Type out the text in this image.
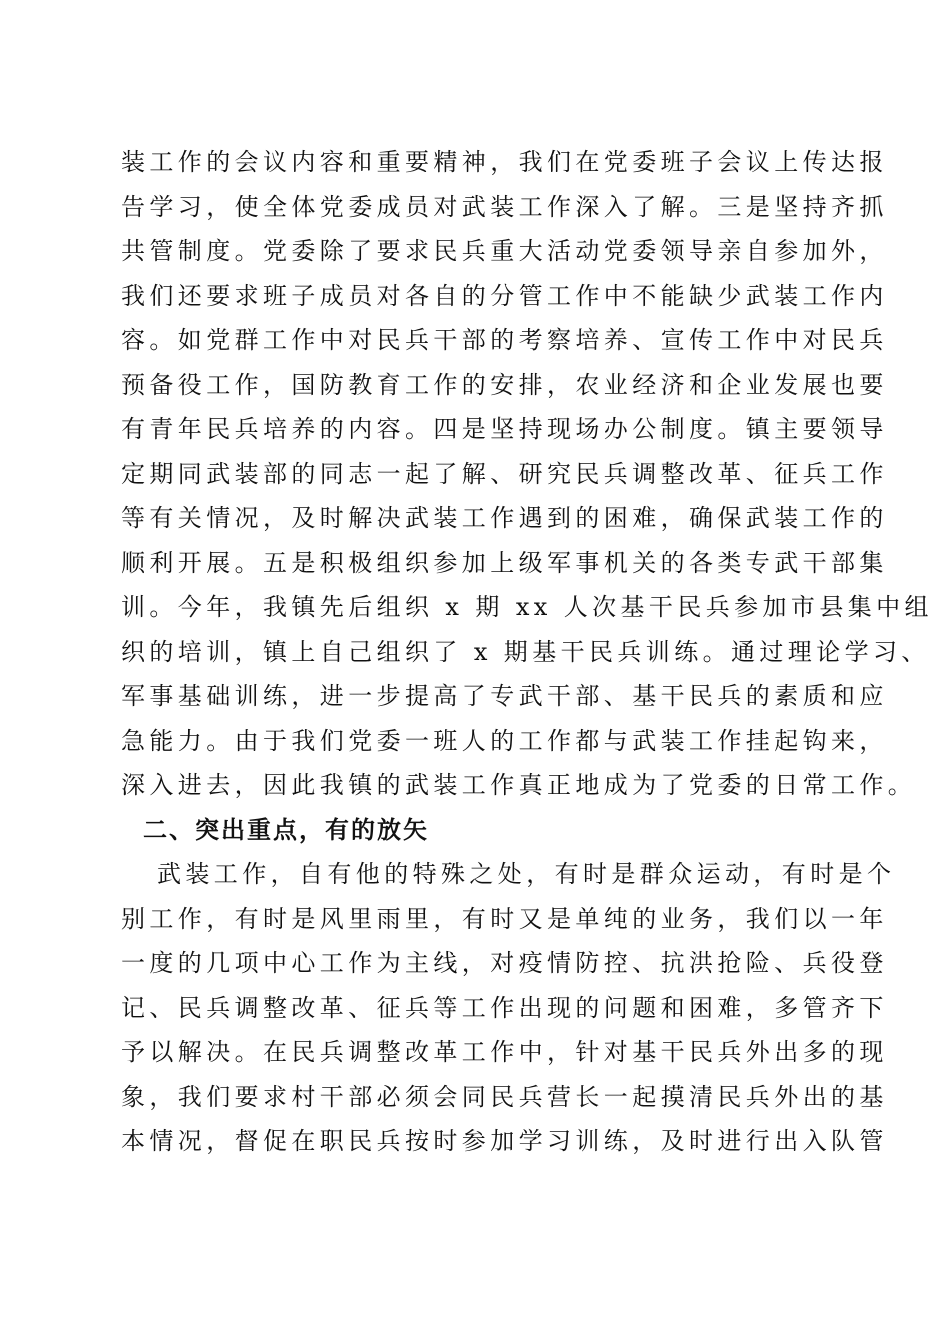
装工作的会议内容和重要精神，我们在党委班子会议上传达报
告学习，使全体党委成员对武装工作深入了解。三是坚持齐抓
共管制度。党委除了要求民兵重大活动党委领导亲自参加外，
我们还要求班子成员对各自的分管工作中不能缺少武装工作内
容。如党群工作中对民兵干部的考察培养、宣传工作中对民兵
预备役工作，国防教育工作的安排，农业经济和企业发展也要
有青年民兵培养的内容。四是坚持现场办公制度。镇主要领导
定期同武装部的同志一起了解、研究民兵调整改革、征兵工作
等有关情况，及时解决武装工作遇到的困难，确保武装工作的
顺利开展。五是积极组织参加上级军事机关的各类专武干部集
训。今年，我镇先后组织 x 期 xx 人次基干民兵参加市县集中组
织的培训，镇上自己组织了 x 期基干民兵训练。通过理论学习、
军事基础训练，进一步提高了专武干部、基干民兵的素质和应
急能力。由于我们党委一班人的工作都与武装工作挂起钩来，
深入进去，因此我镇的武装工作真正地成为了党委的日常工作。
二、突出重点，有的放矢
武装工作，自有他的特殊之处，有时是群众运动，有时是个
别工作，有时是风里雨里，有时又是单纯的业务，我们以一年
一度的几项中心工作为主线，对疫情防控、抗洪抢险、兵役登
记、民兵调整改革、征兵等工作出现的问题和困难，多管齐下
予以解决。在民兵调整改革工作中，针对基干民兵外出多的现
象，我们要求村干部必须会同民兵营长一起摸清民兵外出的基
本情况，督促在职民兵按时参加学习训练，及时进行出入队管
